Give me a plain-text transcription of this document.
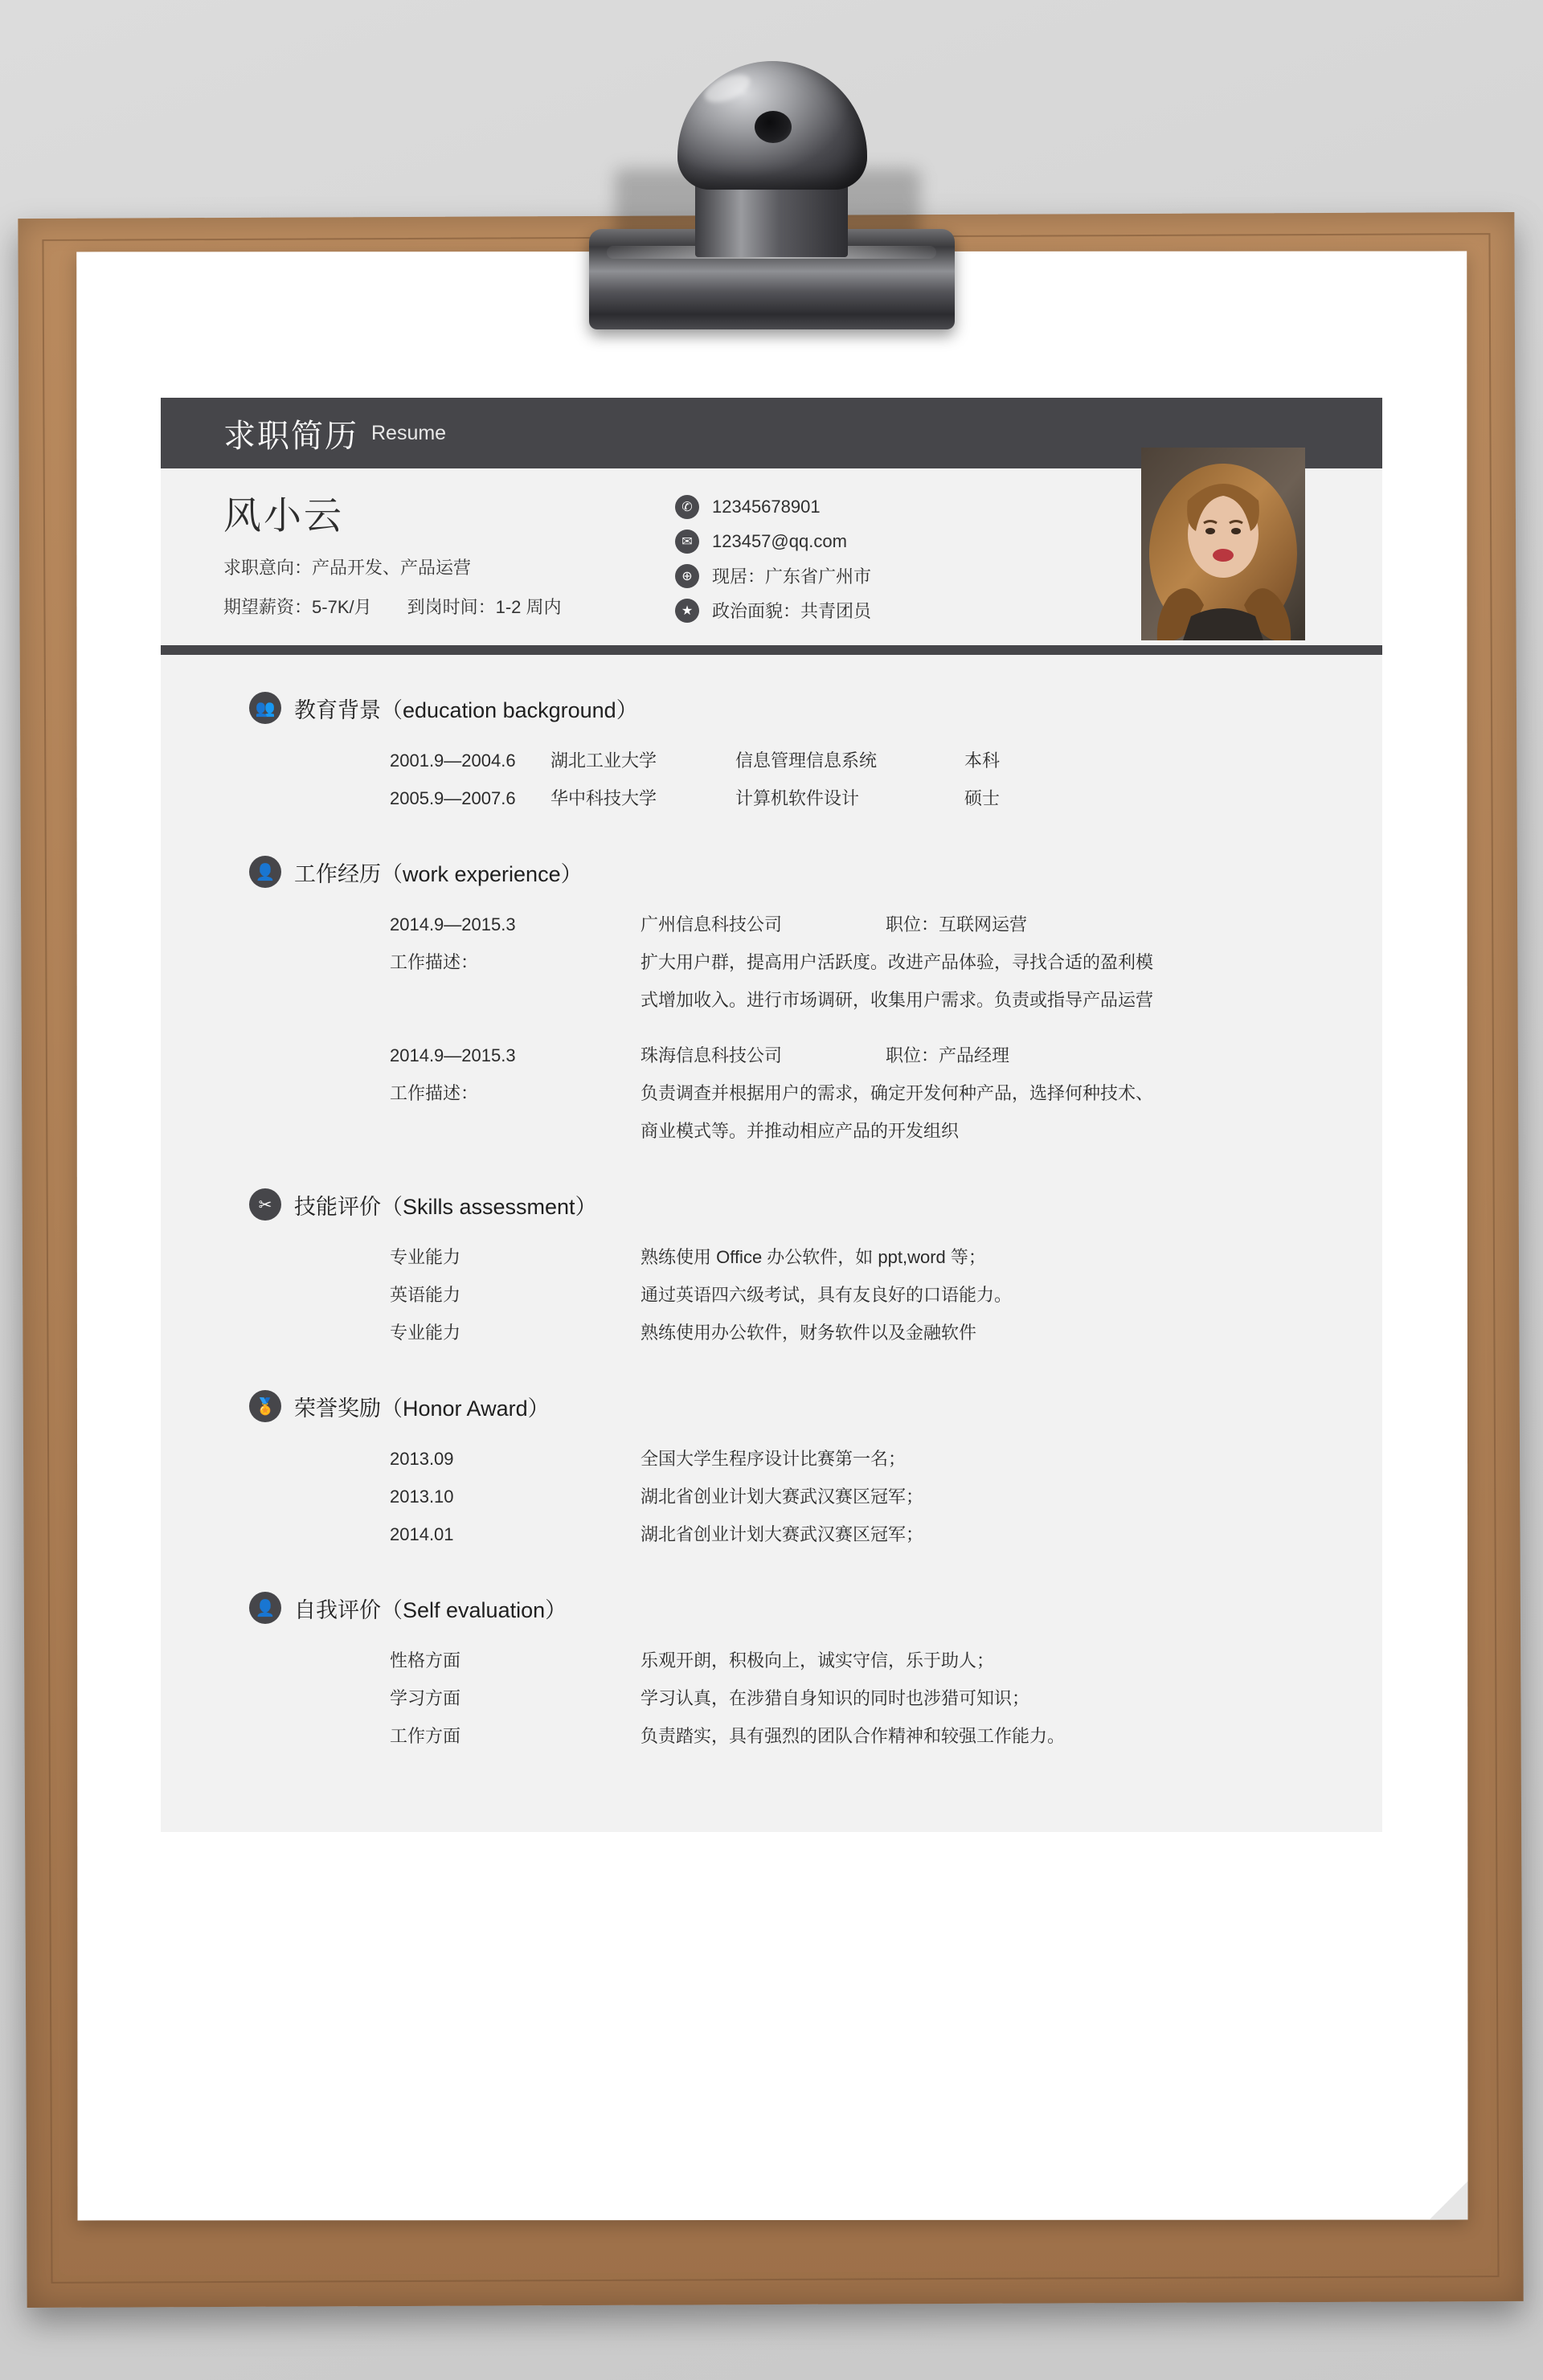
求职简历 Resume
风小云
求职意向：产品开发、产品运营
期望薪资：5-7K/月 到岗时间：1-2 周内
✆	12345678901
✉	123457@qq.com
⊕	现居：广东省广州市
★	政治面貌：共青团员
👥 教育背景（education background）
2001.9—2004.6	湖北工业大学	信息管理信息系统	本科
2005.9—2007.6	华中科技大学	计算机软件设计	硕士
👤 工作经历（work experience）
2014.9—2015.3	广州信息科技公司	职位：互联网运营
工作描述：	扩大用户群，提高用户活跃度。改进产品体验，寻找合适的盈利模
式增加收入。进行市场调研，收集用户需求。负责或指导产品运营
2014.9—2015.3	珠海信息科技公司	职位：产品经理
工作描述：	负责调查并根据用户的需求，确定开发何种产品，选择何种技术、
商业模式等。并推动相应产品的开发组织
✂	技能评价（Skills assessment）
专业能力	熟练使用 Office 办公软件，如 ppt,word 等；
英语能力	通过英语四六级考试，具有友良好的口语能力。
专业能力	熟练使用办公软件，财务软件以及金融软件
🏅 荣誉奖励（Honor Award）
2013.09	全国大学生程序设计比赛第一名；
2013.10	湖北省创业计划大赛武汉赛区冠军；
2014.01	湖北省创业计划大赛武汉赛区冠军；
👤 自我评价（Self evaluation）
性格方面	乐观开朗，积极向上，诚实守信，乐于助人；
学习方面	学习认真，在涉猎自身知识的同时也涉猎可知识；
工作方面	负责踏实，具有强烈的团队合作精神和较强工作能力。
